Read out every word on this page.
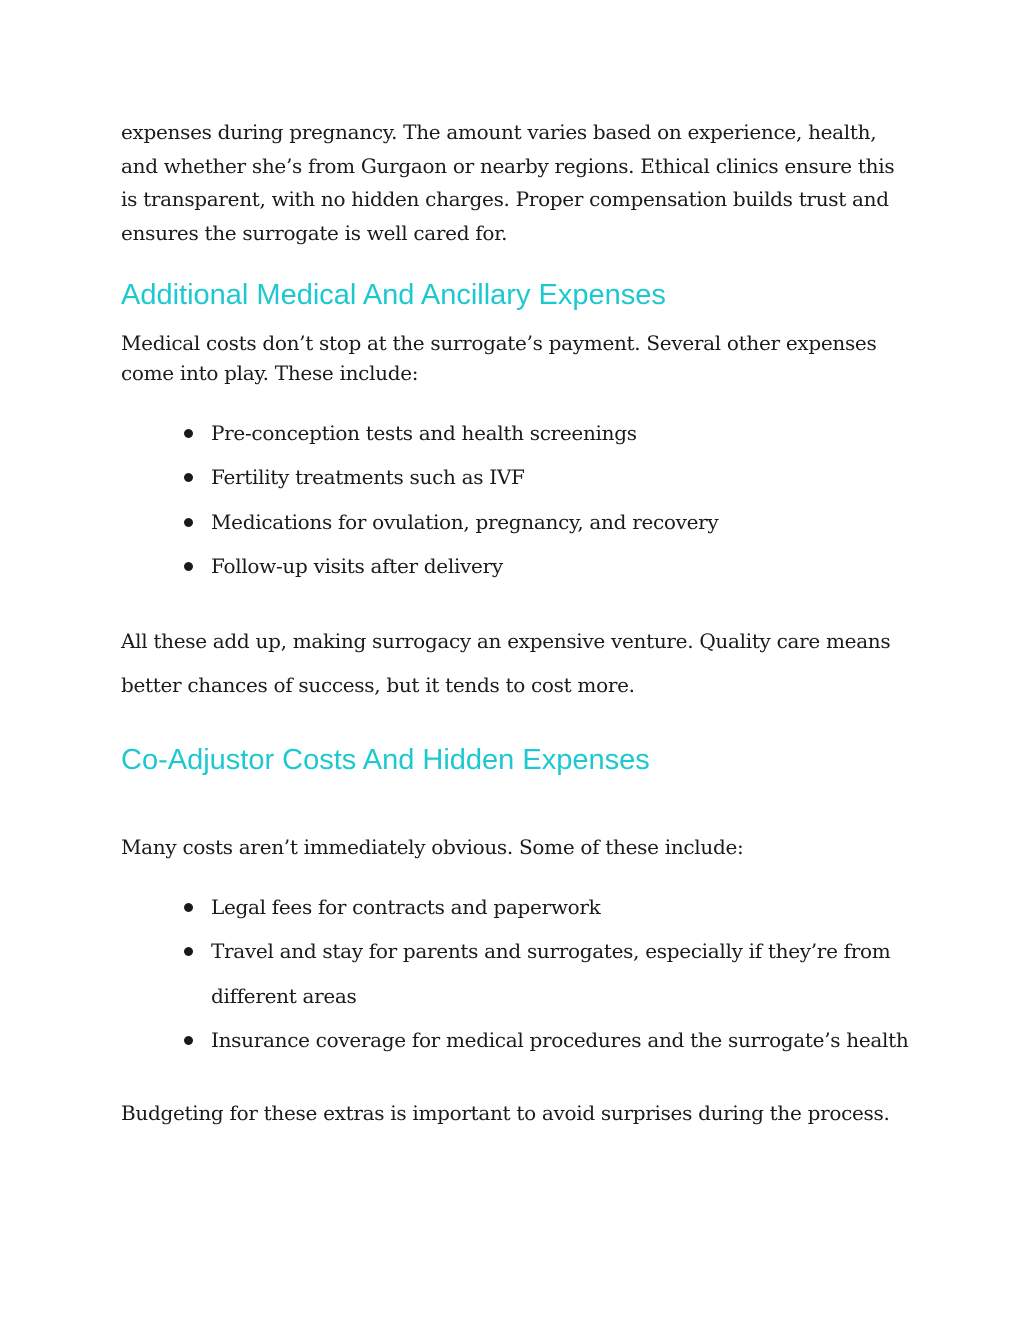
expenses during pregnancy. The amount varies based on experience, health, and whether she’s from Gurgaon or nearby regions. Ethical clinics ensure this is transparent, with no hidden charges. Proper compensation builds trust and ensures the surrogate is well cared for.

Additional Medical And Ancillary Expenses

Medical costs don’t stop at the surrogate’s payment. Several other expenses come into play. These include:

Pre-conception tests and health screenings
Fertility treatments such as IVF
Medications for ovulation, pregnancy, and recovery
Follow-up visits after delivery

All these add up, making surrogacy an expensive venture. Quality care means better chances of success, but it tends to cost more.

Co-Adjustor Costs And Hidden Expenses

Many costs aren’t immediately obvious. Some of these include:

Legal fees for contracts and paperwork
Travel and stay for parents and surrogates, especially if they’re from different areas
Insurance coverage for medical procedures and the surrogate’s health

Budgeting for these extras is important to avoid surprises during the process.
